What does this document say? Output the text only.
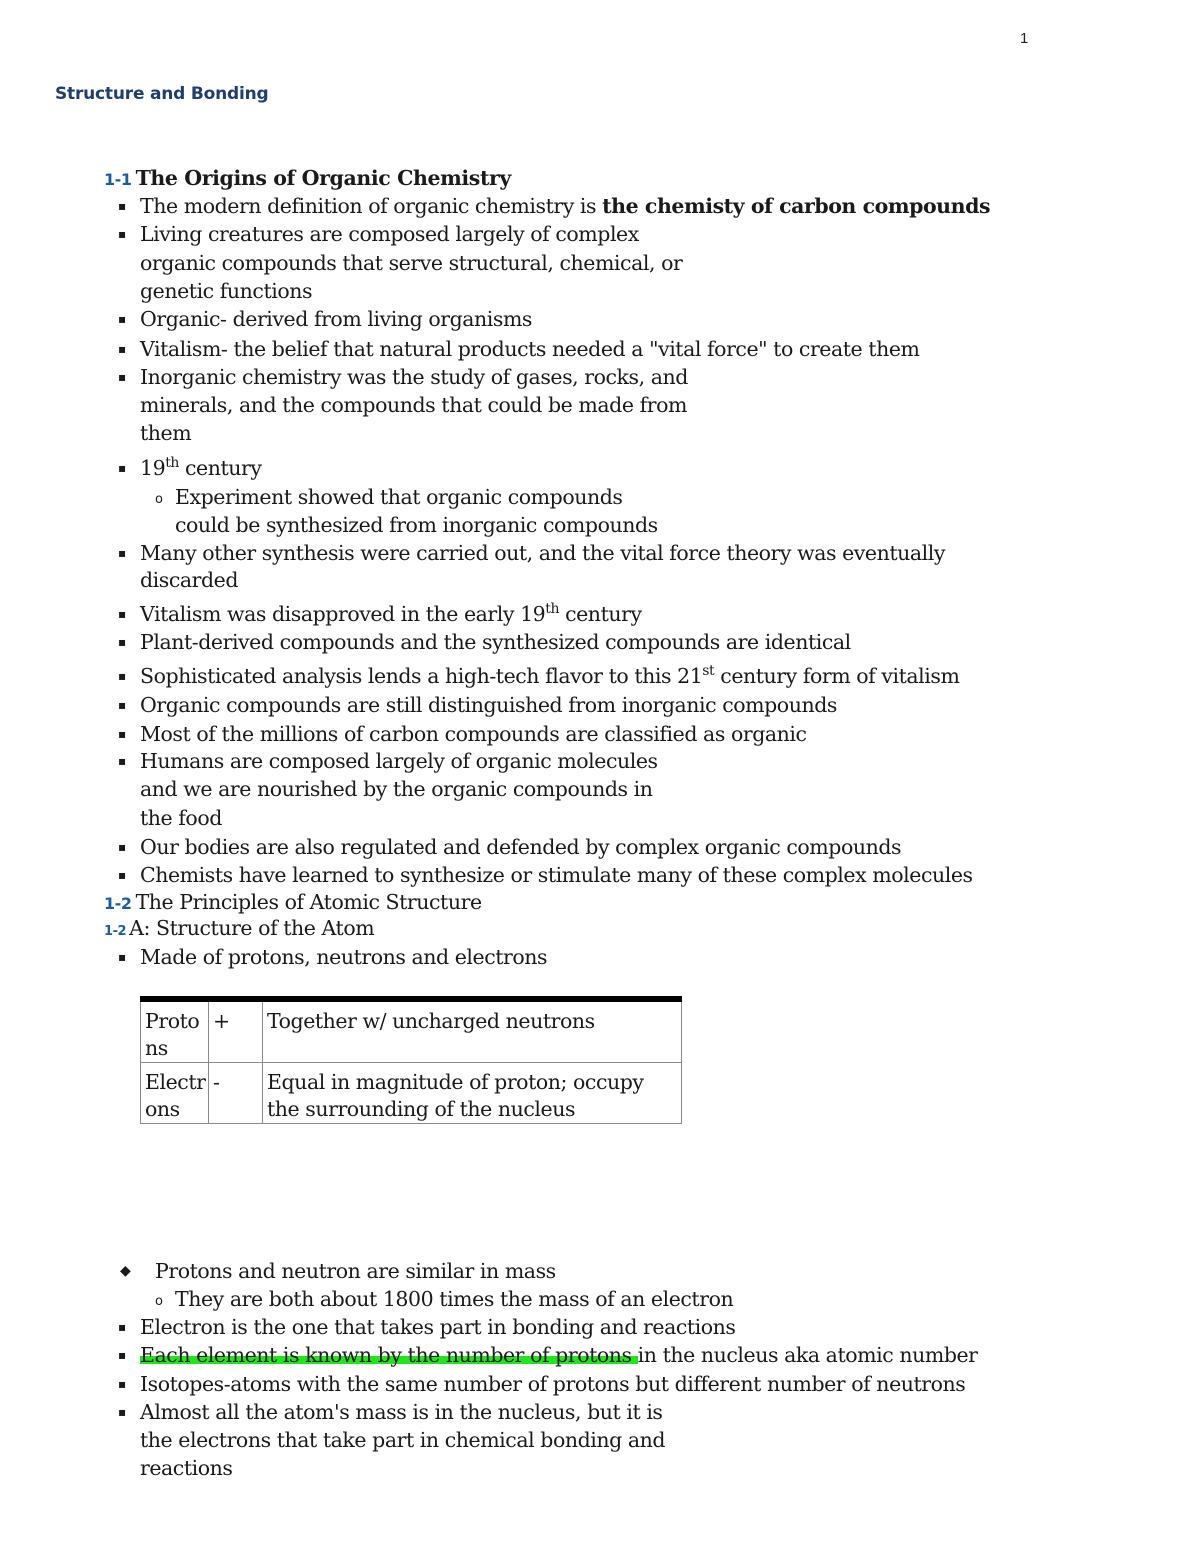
1
Structure and Bonding
1-1 The Origins of Organic Chemistry
▪ The modern definition of organic chemistry is the chemisty of carbon compounds
▪ Living creatures are composed largely of complex
organic compounds that serve structural, chemical, or
genetic functions
▪ Organic- derived from living organisms
▪ Vitalism- the belief that natural products needed a "vital force" to create them
▪ Inorganic chemistry was the study of gases, rocks, and
minerals, and the compounds that could be made from
them
▪ 19th century
o Experiment showed that organic compounds
could be synthesized from inorganic compounds
▪ Many other synthesis were carried out, and the vital force theory was eventually
discarded
▪ Vitalism was disapproved in the early 19th century
▪ Plant-derived compounds and the synthesized compounds are identical
▪ Sophisticated analysis lends a high-tech flavor to this 21st century form of vitalism
▪ Organic compounds are still distinguished from inorganic compounds
▪ Most of the millions of carbon compounds are classified as organic
▪ Humans are composed largely of organic molecules
and we are nourished by the organic compounds in
the food
▪ Our bodies are also regulated and defended by complex organic compounds
▪ Chemists have learned to synthesize or stimulate many of these complex molecules
1-2 The Principles of Atomic Structure
1-2 A: Structure of the Atom
▪ Made of protons, neutrons and electrons
Protons	+	Together w/ uncharged neutrons
Electrons	-	Equal in magnitude of proton; occupy the surrounding of the nucleus
◆ Protons and neutron are similar in mass
o They are both about 1800 times the mass of an electron
▪ Electron is the one that takes part in bonding and reactions
▪ Each element is known by the number of protons in the nucleus aka atomic number
▪ Isotopes-atoms with the same number of protons but different number of neutrons
▪ Almost all the atom's mass is in the nucleus, but it is
the electrons that take part in chemical bonding and
reactions
